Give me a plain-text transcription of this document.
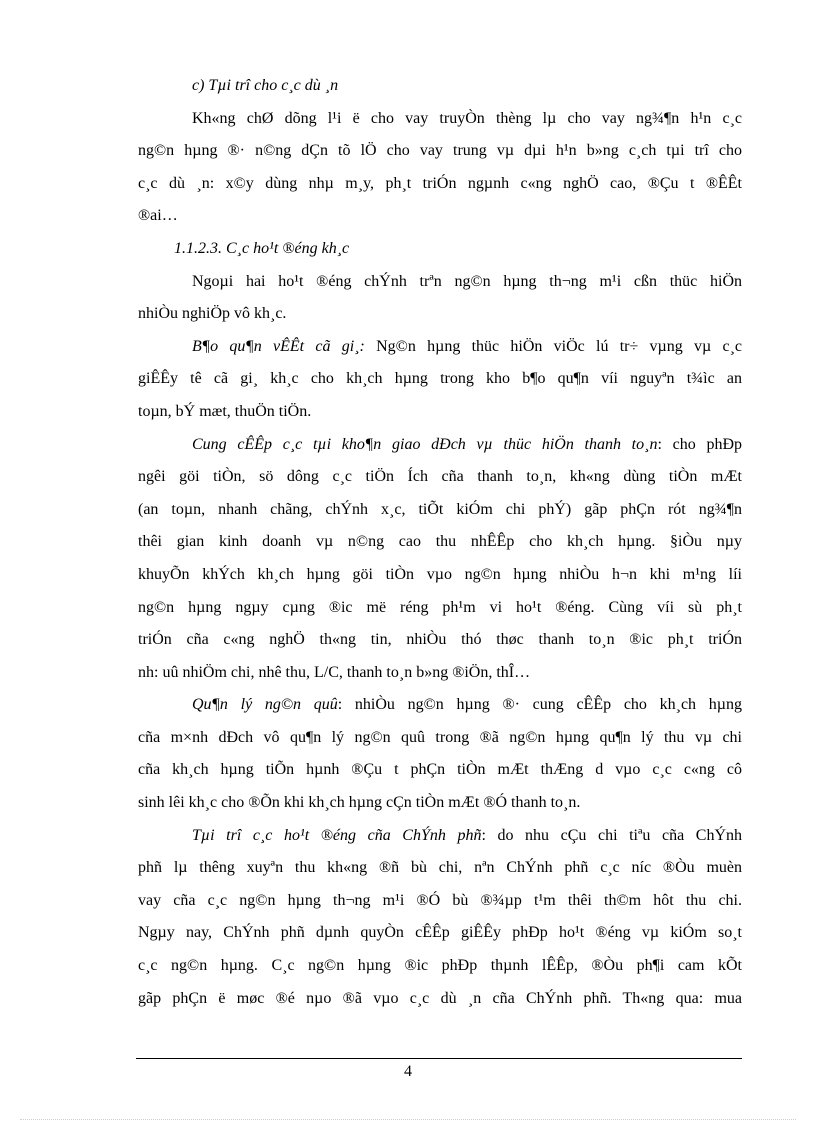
c) Tµi trî cho c¸c dù ¸n
Kh«ng chØ dõng l¹i ë cho vay truyÒn thèng lµ cho vay ng¾¶n h¹n c¸c
ng©n hµng ®· n©ng dÇn tõ lÖ cho vay trung vµ dµi h¹n b»ng c¸ch tµi trî cho
c¸c dù ¸n: x©y dùng nhµ m¸y, ph¸t triÓn ngµnh c«ng nghÖ cao, ®Çu t ®ÊÊt
®ai…
1.1.2.3. C¸c ho¹t ®éng kh¸c
Ngoµi hai ho¹t ®éng chÝnh trªn ng©n hµng th¬ng m¹i cßn thüc hiÖn
nhiÒu nghiÖp vô kh¸c.
B¶o qu¶n vÊÊt cã gi¸: Ng©n hµng thüc hiÖn viÖc lú tr÷ vµng vµ c¸c
giÊÊy tê cã gi¸ kh¸c cho kh¸ch hµng trong kho b¶o qu¶n víi nguyªn t¾ìc an
toµn, bÝ mæt, thuÖn tiÖn.
Cung cÊÊp c¸c tµi kho¶n giao dÐch vµ thüc hiÖn thanh to¸n: cho phÐp
ngêi göi tiÒn, sö dông c¸c tiÖn Ích cña thanh to¸n, kh«ng dùng tiÒn mÆt
(an toµn, nhanh chãng, chÝnh x¸c, tiÕt kiÓm chi phÝ) gãp phÇn rót ng¾¶n
thêi gian kinh doanh vµ n©ng cao thu nhÊÊp cho kh¸ch hµng. §iÒu nµy
khuyÕn khÝch kh¸ch hµng göi tiÒn vµo ng©n hµng nhiÒu h¬n khi m¹ng líi
ng©n hµng ngµy cµng ®ic më réng ph¹m vi ho¹t ®éng. Cùng víi sù ph¸t
triÓn cña c«ng nghÖ th«ng tin, nhiÒu thó thøc thanh to¸n ®ic ph¸t triÓn
nh: uû nhiÖm chi, nhê thu, L/C, thanh to¸n b»ng ®iÖn, thÎ…
Qu¶n lý ng©n quû: nhiÒu ng©n hµng ®· cung cÊÊp cho kh¸ch hµng
cña m×nh dÐch vô qu¶n lý ng©n quû trong ®ã ng©n hµng qu¶n lý thu vµ chi
cña kh¸ch hµng tiÕn hµnh ®Çu t phÇn tiÒn mÆt thÆng d vµo c¸c c«ng cô
sinh lêi kh¸c cho ®Õn khi kh¸ch hµng cÇn tiÒn mÆt ®Ó thanh to¸n.
Tµi trî c¸c ho¹t ®éng cña ChÝnh phñ: do nhu cÇu chi tiªu cña ChÝnh
phñ lµ thêng xuyªn thu kh«ng ®ñ bù chi, nªn ChÝnh phñ c¸c níc ®Òu muèn
vay cña c¸c ng©n hµng th¬ng m¹i ®Ó bù ®¾µp t¹m thêi th©m hôt thu chi.
Ngµy nay, ChÝnh phñ dµnh quyÒn cÊÊp giÊÊy phÐp ho¹t ®éng vµ kiÓm so¸t
c¸c ng©n hµng. C¸c ng©n hµng ®ic phÐp thµnh lÊÊp, ®Òu ph¶i cam kÕt
gãp phÇn ë møc ®é nµo ®ã vµo c¸c dù ¸n cña ChÝnh phñ. Th«ng qua: mua
4
